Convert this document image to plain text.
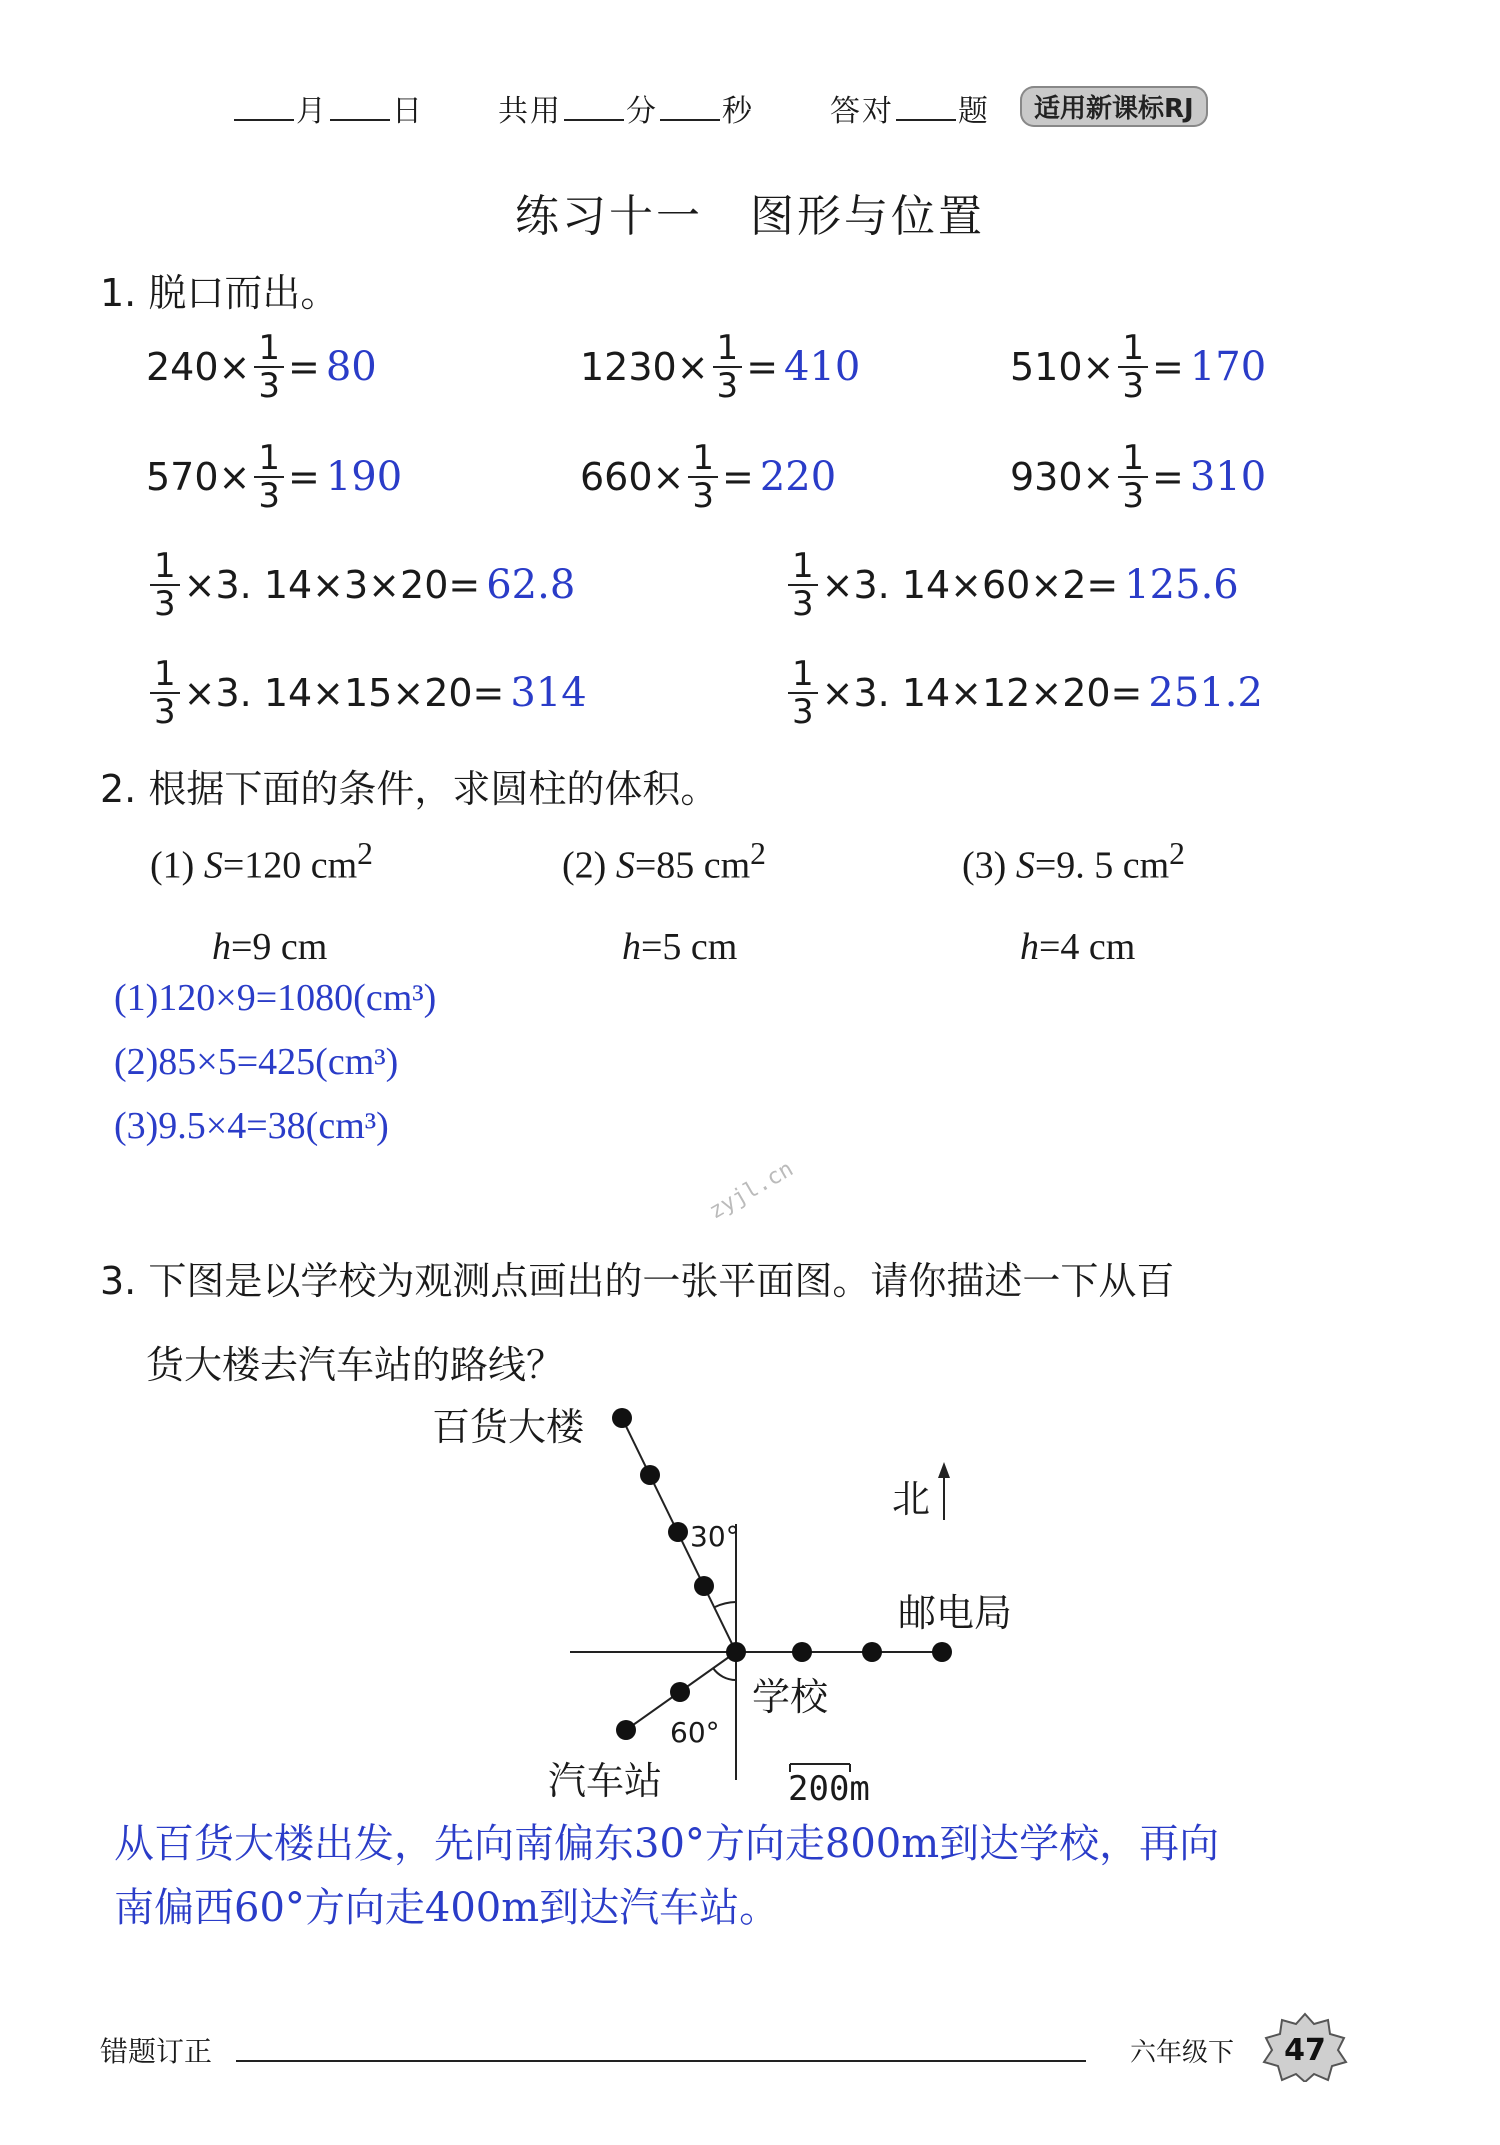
月 日 共用 分 秒	答对 题	适用新课标RJ
练习十一　图形与位置
1. 脱口而出。
$240\times \frac{1}{3} = 80$	$1230\times \frac{1}{3} = 410$	$510\times \frac{1}{3} = 170$
$570\times \frac{1}{3} = 190$	$660\times \frac{1}{3} = 220$	$930\times \frac{1}{3} = 310$
$\frac{1}{3} \times 3$. 14×3×20= 62.8	$\frac{1}{3} \times 3$. 14×60×2= 125.6
$\frac{1}{3} \times 3$. 14×15×20= 314	$\frac{1}{3} \times 3$. 14×12×20= 251.2
2. 根据下面的条件，求圆柱的体积。
(1) S=120 $cm^2$	(2) S=85 $cm^2$	(3) S=9. 5 $cm^2$
h=9 cm	h=5 cm	h=4 cm
(1)120×9=1080(cm³)
(2)85×5=425(cm³)
(3)9.5×4=38(cm³)
zyjl.cn
3. 下图是以学校为观测点画出的一张平面图。请你描述一下从百
货大楼去汽车站的路线？
百货大楼
北
30°
邮电局
学校
60°
汽车站	200m
从百货大楼出发，先向南偏东30°方向走800m到达学校，再向
南偏西60°方向走400m到达汽车站。
错题订正	六年级下 47
